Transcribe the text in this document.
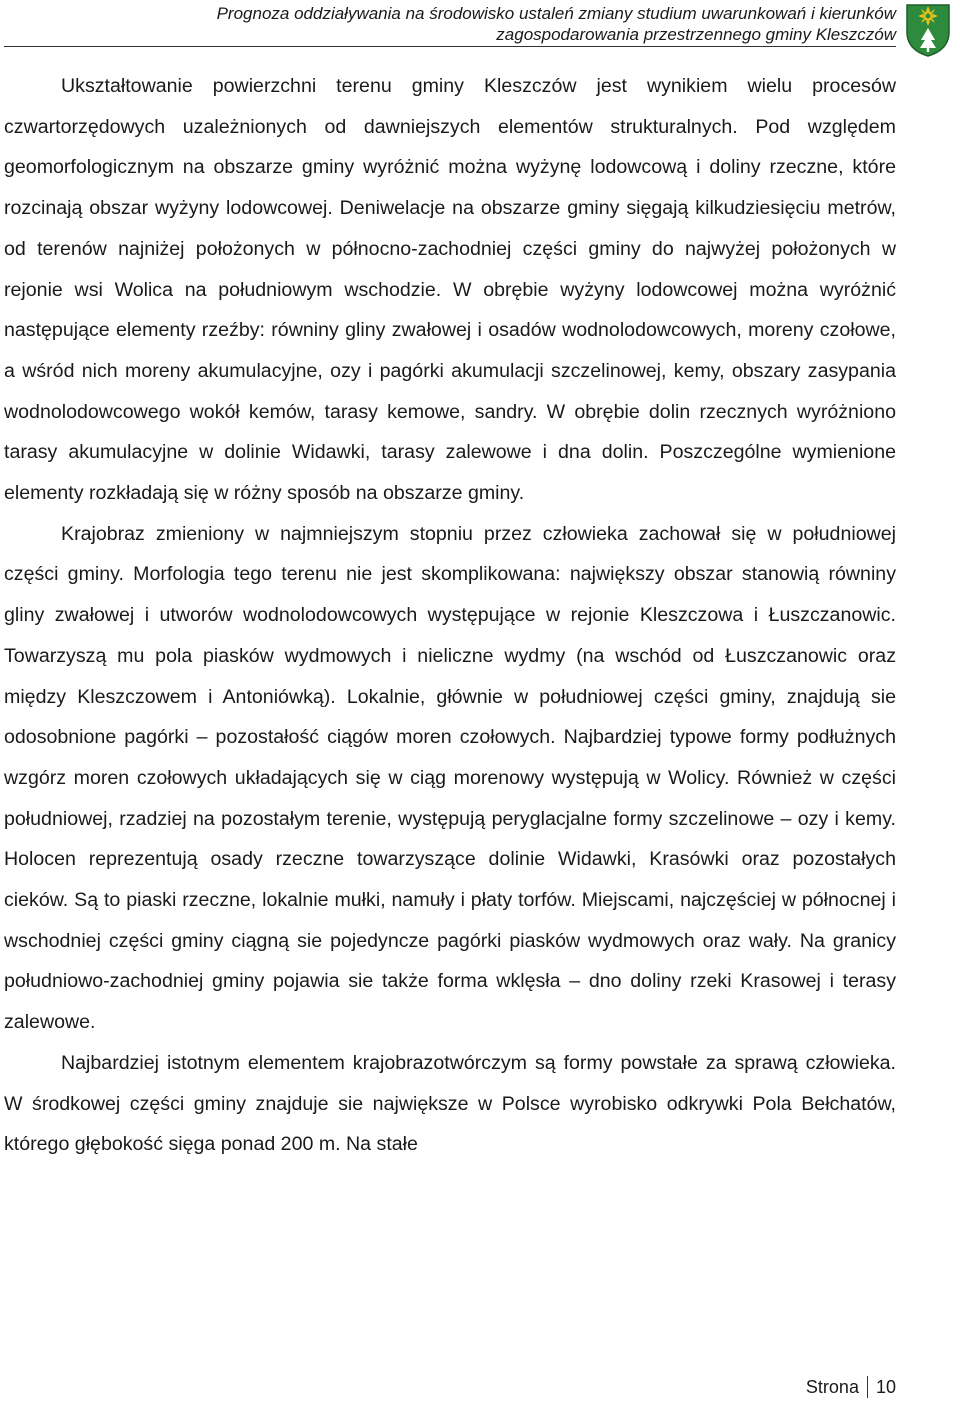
Prognoza oddziaływania na środowisko ustaleń zmiany studium uwarunkowań i kierunków
zagospodarowania przestrzennego gminy Kleszczów

Ukształtowanie powierzchni terenu gminy Kleszczów jest wynikiem wielu procesów czwartorzędowych uzależnionych od dawniejszych elementów strukturalnych. Pod względem geomorfologicznym na obszarze gminy wyróżnić można wyżynę lodowcową i doliny rzeczne, które rozcinają obszar wyżyny lodowcowej. Deniwelacje na obszarze gminy sięgają kilkudziesięciu metrów, od terenów najniżej położonych w północno-zachodniej części gminy do najwyżej położonych w rejonie wsi Wolica na południowym wschodzie. W obrębie wyżyny lodowcowej można wyróżnić następujące elementy rzeźby: równiny gliny zwałowej i osadów wodnolodowcowych, moreny czołowe, a wśród nich moreny akumulacyjne, ozy i pagórki akumulacji szczelinowej, kemy, obszary zasypania wodnolodowcowego wokół kemów, tarasy kemowe, sandry. W obrębie dolin rzecznych wyróżniono tarasy akumulacyjne w dolinie Widawki, tarasy zalewowe i dna dolin. Poszczególne wymienione elementy rozkładają się w różny sposób na obszarze gminy.

Krajobraz zmieniony w najmniejszym stopniu przez człowieka zachował się w południowej części gminy. Morfologia tego terenu nie jest skomplikowana: największy obszar stanowią równiny gliny zwałowej i utworów wodnolodowcowych występujące w rejonie Kleszczowa i Łuszczanowic. Towarzyszą mu pola piasków wydmowych i nieliczne wydmy (na wschód od Łuszczanowic oraz między Kleszczowem i Antoniówką). Lokalnie, głównie w południowej części gminy, znajdują sie odosobnione pagórki – pozostałość ciągów moren czołowych. Najbardziej typowe formy podłużnych wzgórz moren czołowych układających się w ciąg morenowy występują w Wolicy. Również w części południowej, rzadziej na pozostałym terenie, występują peryglacjalne formy szczelinowe – ozy i kemy. Holocen reprezentują osady rzeczne towarzyszące dolinie Widawki, Krasówki oraz pozostałych cieków. Są to piaski rzeczne, lokalnie mułki, namuły i płaty torfów. Miejscami, najczęściej w północnej i wschodniej części gminy ciągną sie pojedyncze pagórki piasków wydmowych oraz wały. Na granicy południowo-zachodniej gminy pojawia sie także forma wklęsła – dno doliny rzeki Krasowej i terasy zalewowe.

Najbardziej istotnym elementem krajobrazotwórczym są formy powstałe za sprawą człowieka. W środkowej części gminy znajduje sie największe w Polsce wyrobisko odkrywki Pola Bełchatów, którego głębokość sięga ponad 200 m. Na stałe

Strona 10
